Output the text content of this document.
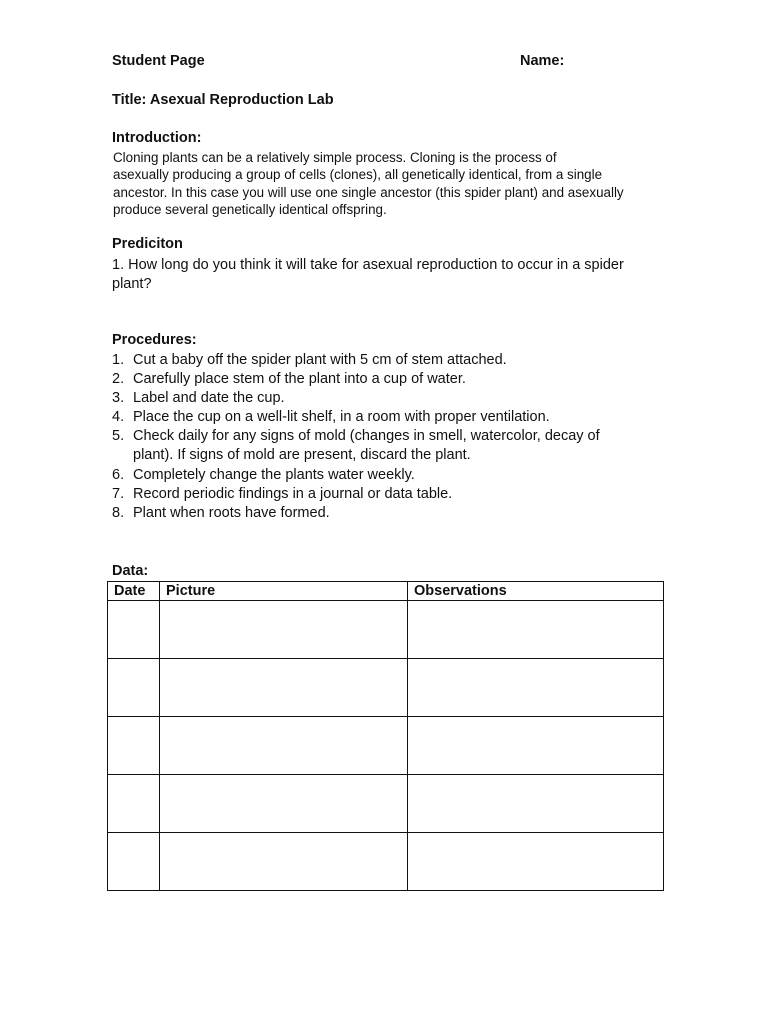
Student Page	Name:
Title: Asexual Reproduction Lab
Introduction:
Cloning plants can be a relatively simple process. Cloning is the process of
asexually producing a group of cells (clones), all genetically identical, from a single
ancestor. In this case you will use one single ancestor (this spider plant) and asexually
produce several genetically identical offspring.
Prediciton
1. How long do you think it will take for asexual reproduction to occur in a spider
plant?
Procedures:
1. Cut a baby off the spider plant with 5 cm of stem attached.
2. Carefully place stem of the plant into a cup of water.
3. Label and date the cup.
4. Place the cup on a well-lit shelf, in a room with proper ventilation.
5. Check daily for any signs of mold (changes in smell, watercolor, decay of
plant). If signs of mold are present, discard the plant.
6. Completely change the plants water weekly.
7. Record periodic findings in a journal or data table.
8. Plant when roots have formed.
Data:
Date	Picture	Observations
